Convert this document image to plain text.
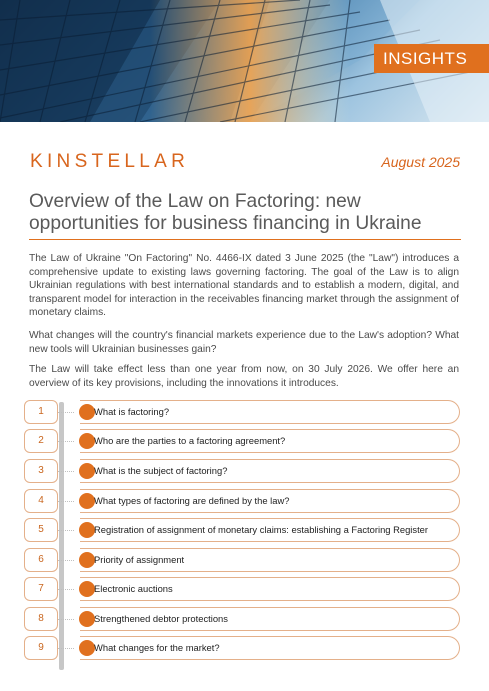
INSIGHTS
KINSTELLAR	August 2025
Overview of the Law on Factoring: new opportunities for business financing in Ukraine

The Law of Ukraine "On Factoring" No. 4466-IX dated 3 June 2025 (the "Law") introduces a comprehensive update to existing laws governing factoring. The goal of the Law is to align Ukrainian regulations with best international standards and to establish a modern, digital, and transparent model for interaction in the receivables financing market through the assignment of monetary claims.

What changes will the country's financial markets experience due to the Law's adoption? What new tools will Ukrainian businesses gain?

The Law will take effect less than one year from now, on 30 July 2026. We offer here an overview of its key provisions, including the innovations it introduces.

1	What is factoring?
2	Who are the parties to a factoring agreement?
3	What is the subject of factoring?
4	What types of factoring are defined by the law?
5	Registration of assignment of monetary claims: establishing a Factoring Register
6	Priority of assignment
7	Electronic auctions
8	Strengthened debtor protections
9	What changes for the market?
